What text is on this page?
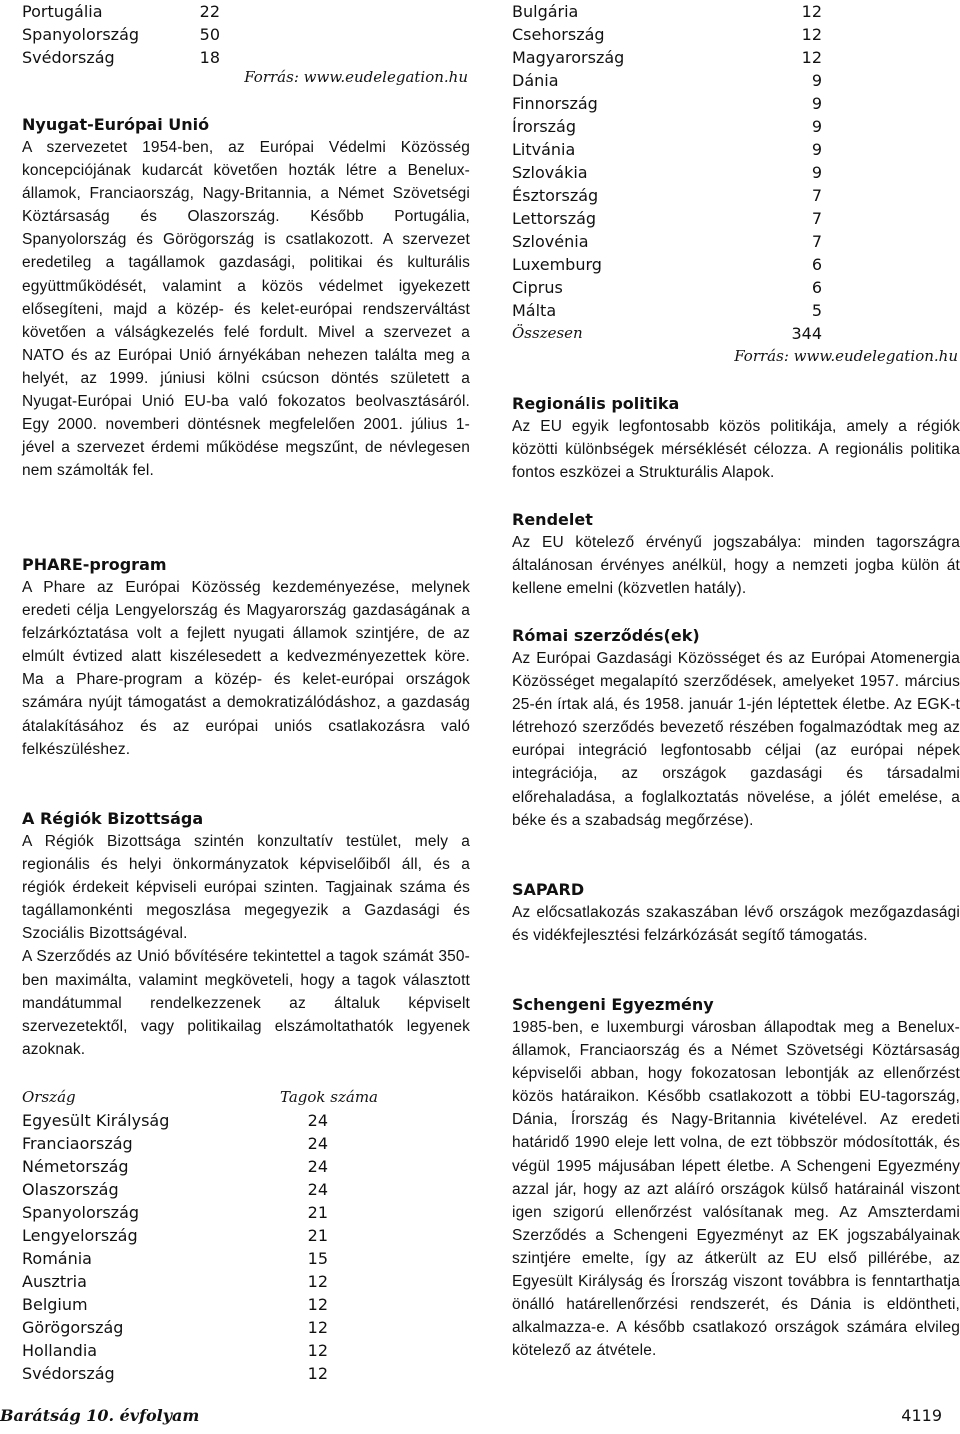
Portugália	22
Spanyolország	50
Svédország	18
Forrás: www.eudelegation.hu
Nyugat-Európai Unió

A szervezetet 1954-ben, az Európai Védelmi Közösség koncepciójának kudarcát követően hozták létre a Benelux-államok, Franciaország, Nagy-Britannia, a Német Szövetségi Köztársaság és Olaszország. Később Portugália, Spanyolország és Görögország is csatlakozott. A szervezet eredetileg a tagállamok gazdasági, politikai és kulturális együttműködését, valamint a közös védelmet igyekezett elősegíteni, majd a közép- és kelet-európai rendszerváltást követően a válságkezelés felé fordult. Mivel a szervezet a NATO és az Európai Unió árnyékában nehezen találta meg a helyét, az 1999. júniusi kölni csúcson döntés született a Nyugat-Európai Unió EU-ba való fokozatos beolvasztásáról. Egy 2000. novemberi döntésnek megfelelően 2001. július 1-jével a szervezet érdemi működése megszűnt, de névlegesen nem számolták fel.

PHARE-program

A Phare az Európai Közösség kezdeményezése, melynek eredeti célja Lengyelország és Magyarország gazdaságának a felzárkóztatása volt a fejlett nyugati államok szintjére, de az elmúlt évtized alatt kiszélesedett a kedvezményezettek köre. Ma a Phare-program a közép- és kelet-európai országok számára nyújt támogatást a demokratizálódáshoz, a gazdaság átalakításához és az európai uniós csatlakozásra való felkészüléshez.

A Régiók Bizottsága

A Régiók Bizottsága szintén konzultatív testület, mely a regionális és helyi önkormányzatok képviselőiből áll, és a régiók érdekeit képviseli európai szinten. Tagjainak száma és tagállamonkénti megoszlása megegyezik a Gazdasági és Szociális Bizottságéval.

A Szerződés az Unió bővítésére tekintettel a tagok számát 350-ben maximálta, valamint megköveteli, hogy a tagok választott mandátummal rendelkezzenek az általuk képviselt szervezetektől, vagy politikailag elszámoltathatók legyenek azoknak.

Ország	Tagok száma
Egyesült Királyság	24
Franciaország	24
Németország	24
Olaszország	24
Spanyolország	21
Lengyelország	21
Románia	15
Ausztria	12
Belgium	12
Görögország	12
Hollandia	12
Svédország	12
Bulgária	12
Csehország	12
Magyarország	12
Dánia	9
Finnország	9
Írország	9
Litvánia	9
Szlovákia	9
Észtország	7
Lettország	7
Szlovénia	7
Luxemburg	6
Ciprus	6
Málta	5
Összesen	344
Forrás: www.eudelegation.hu
Regionális politika

Az EU egyik legfontosabb közös politikája, amely a régiók közötti különbségek mérséklését célozza. A regionális politika fontos eszközei a Strukturális Alapok.

Rendelet

Az EU kötelező érvényű jogszabálya: minden tagországra általánosan érvényes anélkül, hogy a nemzeti jogba külön át kellene emelni (közvetlen hatály).

Római szerződés(ek)

Az Európai Gazdasági Közösséget és az Európai Atomenergia Közösséget megalapító szerződések, amelyeket 1957. március 25-én írtak alá, és 1958. január 1-jén léptettek életbe. Az EGK-t létrehozó szerződés bevezető részében fogalmazódtak meg az európai integráció legfontosabb céljai (az európai népek integrációja, az országok gazdasági és társadalmi előrehaladása, a foglalkoztatás növelése, a jólét emelése, a béke és a szabadság megőrzése).

SAPARD

Az előcsatlakozás szakaszában lévő országok mezőgazdasági és vidékfejlesztési felzárkózását segítő támogatás.

Schengeni Egyezmény

1985-ben, e luxemburgi városban állapodtak meg a Benelux-államok, Franciaország és a Német Szövetségi Köztársaság képviselői abban, hogy fokozatosan lebontják az ellenőrzést közös határaikon. Később csatlakozott a többi EU-tagország, Dánia, Írország és Nagy-Britannia kivételével. Az eredeti határidő 1990 eleje lett volna, de ezt többször módosították, és végül 1995 májusában lépett életbe. A Schengeni Egyezmény azzal jár, hogy az azt aláíró országok külső határainál viszont igen szigorú ellenőrzést valósítanak meg. Az Amszterdami Szerződés a Schengeni Egyezményt az EK jogszabályainak szintjére emelte, így az átkerült az EU első pillérébe, az Egyesült Királyság és Írország viszont továbbra is fenntarthatja önálló határellenőrzési rendszerét, és Dánia is eldöntheti, alkalmazza-e. A később csatlakozó országok számára elvileg kötelező az átvétele.

Barátság 10. évfolyam	4119
